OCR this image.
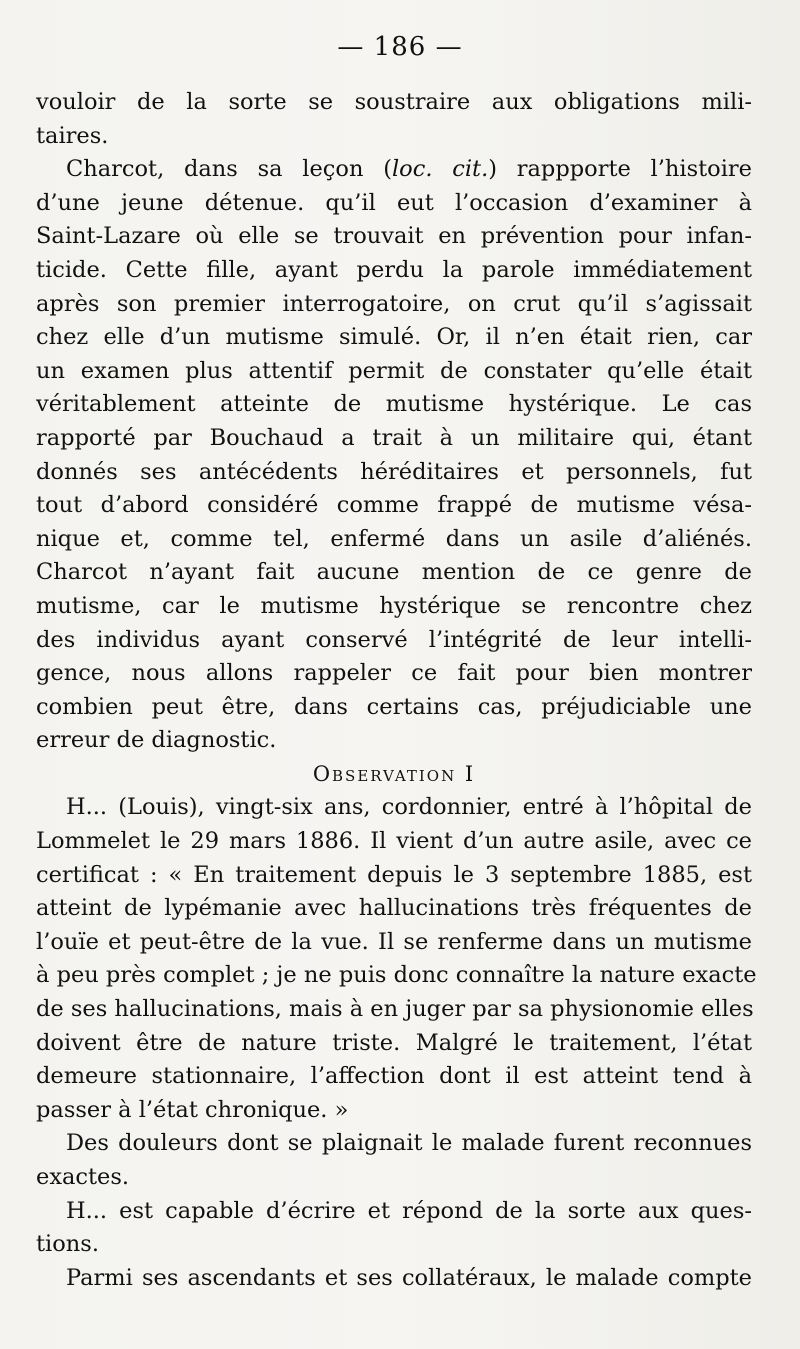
— 186 —
vouloir de la sorte se soustraire aux obligations mili-
taires.
Charcot, dans sa leçon (loc. cit.) rappporte l’histoire
d’une jeune détenue. qu’il eut l’occasion d’examiner à
Saint-Lazare où elle se trouvait en prévention pour infan-
ticide. Cette fille, ayant perdu la parole immédiatement
après son premier interrogatoire, on crut qu’il s’agissait
chez elle d’un mutisme simulé. Or, il n’en était rien, car
un examen plus attentif permit de constater qu’elle était
véritablement atteinte de mutisme hystérique. Le cas
rapporté par Bouchaud a trait à un militaire qui, étant
donnés ses antécédents héréditaires et personnels, fut
tout d’abord considéré comme frappé de mutisme vésa-
nique et, comme tel, enfermé dans un asile d’aliénés.
Charcot n’ayant fait aucune mention de ce genre de
mutisme, car le mutisme hystérique se rencontre chez
des individus ayant conservé l’intégrité de leur intelli-
gence, nous allons rappeler ce fait pour bien montrer
combien peut être, dans certains cas, préjudiciable une
erreur de diagnostic.
Observation I
H... (Louis), vingt-six ans, cordonnier, entré à l’hôpital de
Lommelet le 29 mars 1886. Il vient d’un autre asile, avec ce
certificat : « En traitement depuis le 3 septembre 1885, est
atteint de lypémanie avec hallucinations très fréquentes de
l’ouïe et peut-être de la vue. Il se renferme dans un mutisme
à peu près complet ; je ne puis donc connaître la nature exacte
de ses hallucinations, mais à en juger par sa physionomie elles
doivent être de nature triste. Malgré le traitement, l’état
demeure stationnaire, l’affection dont il est atteint tend à
passer à l’état chronique. »
Des douleurs dont se plaignait le malade furent reconnues
exactes.
H... est capable d’écrire et répond de la sorte aux ques-
tions.
Parmi ses ascendants et ses collatéraux, le malade compte
